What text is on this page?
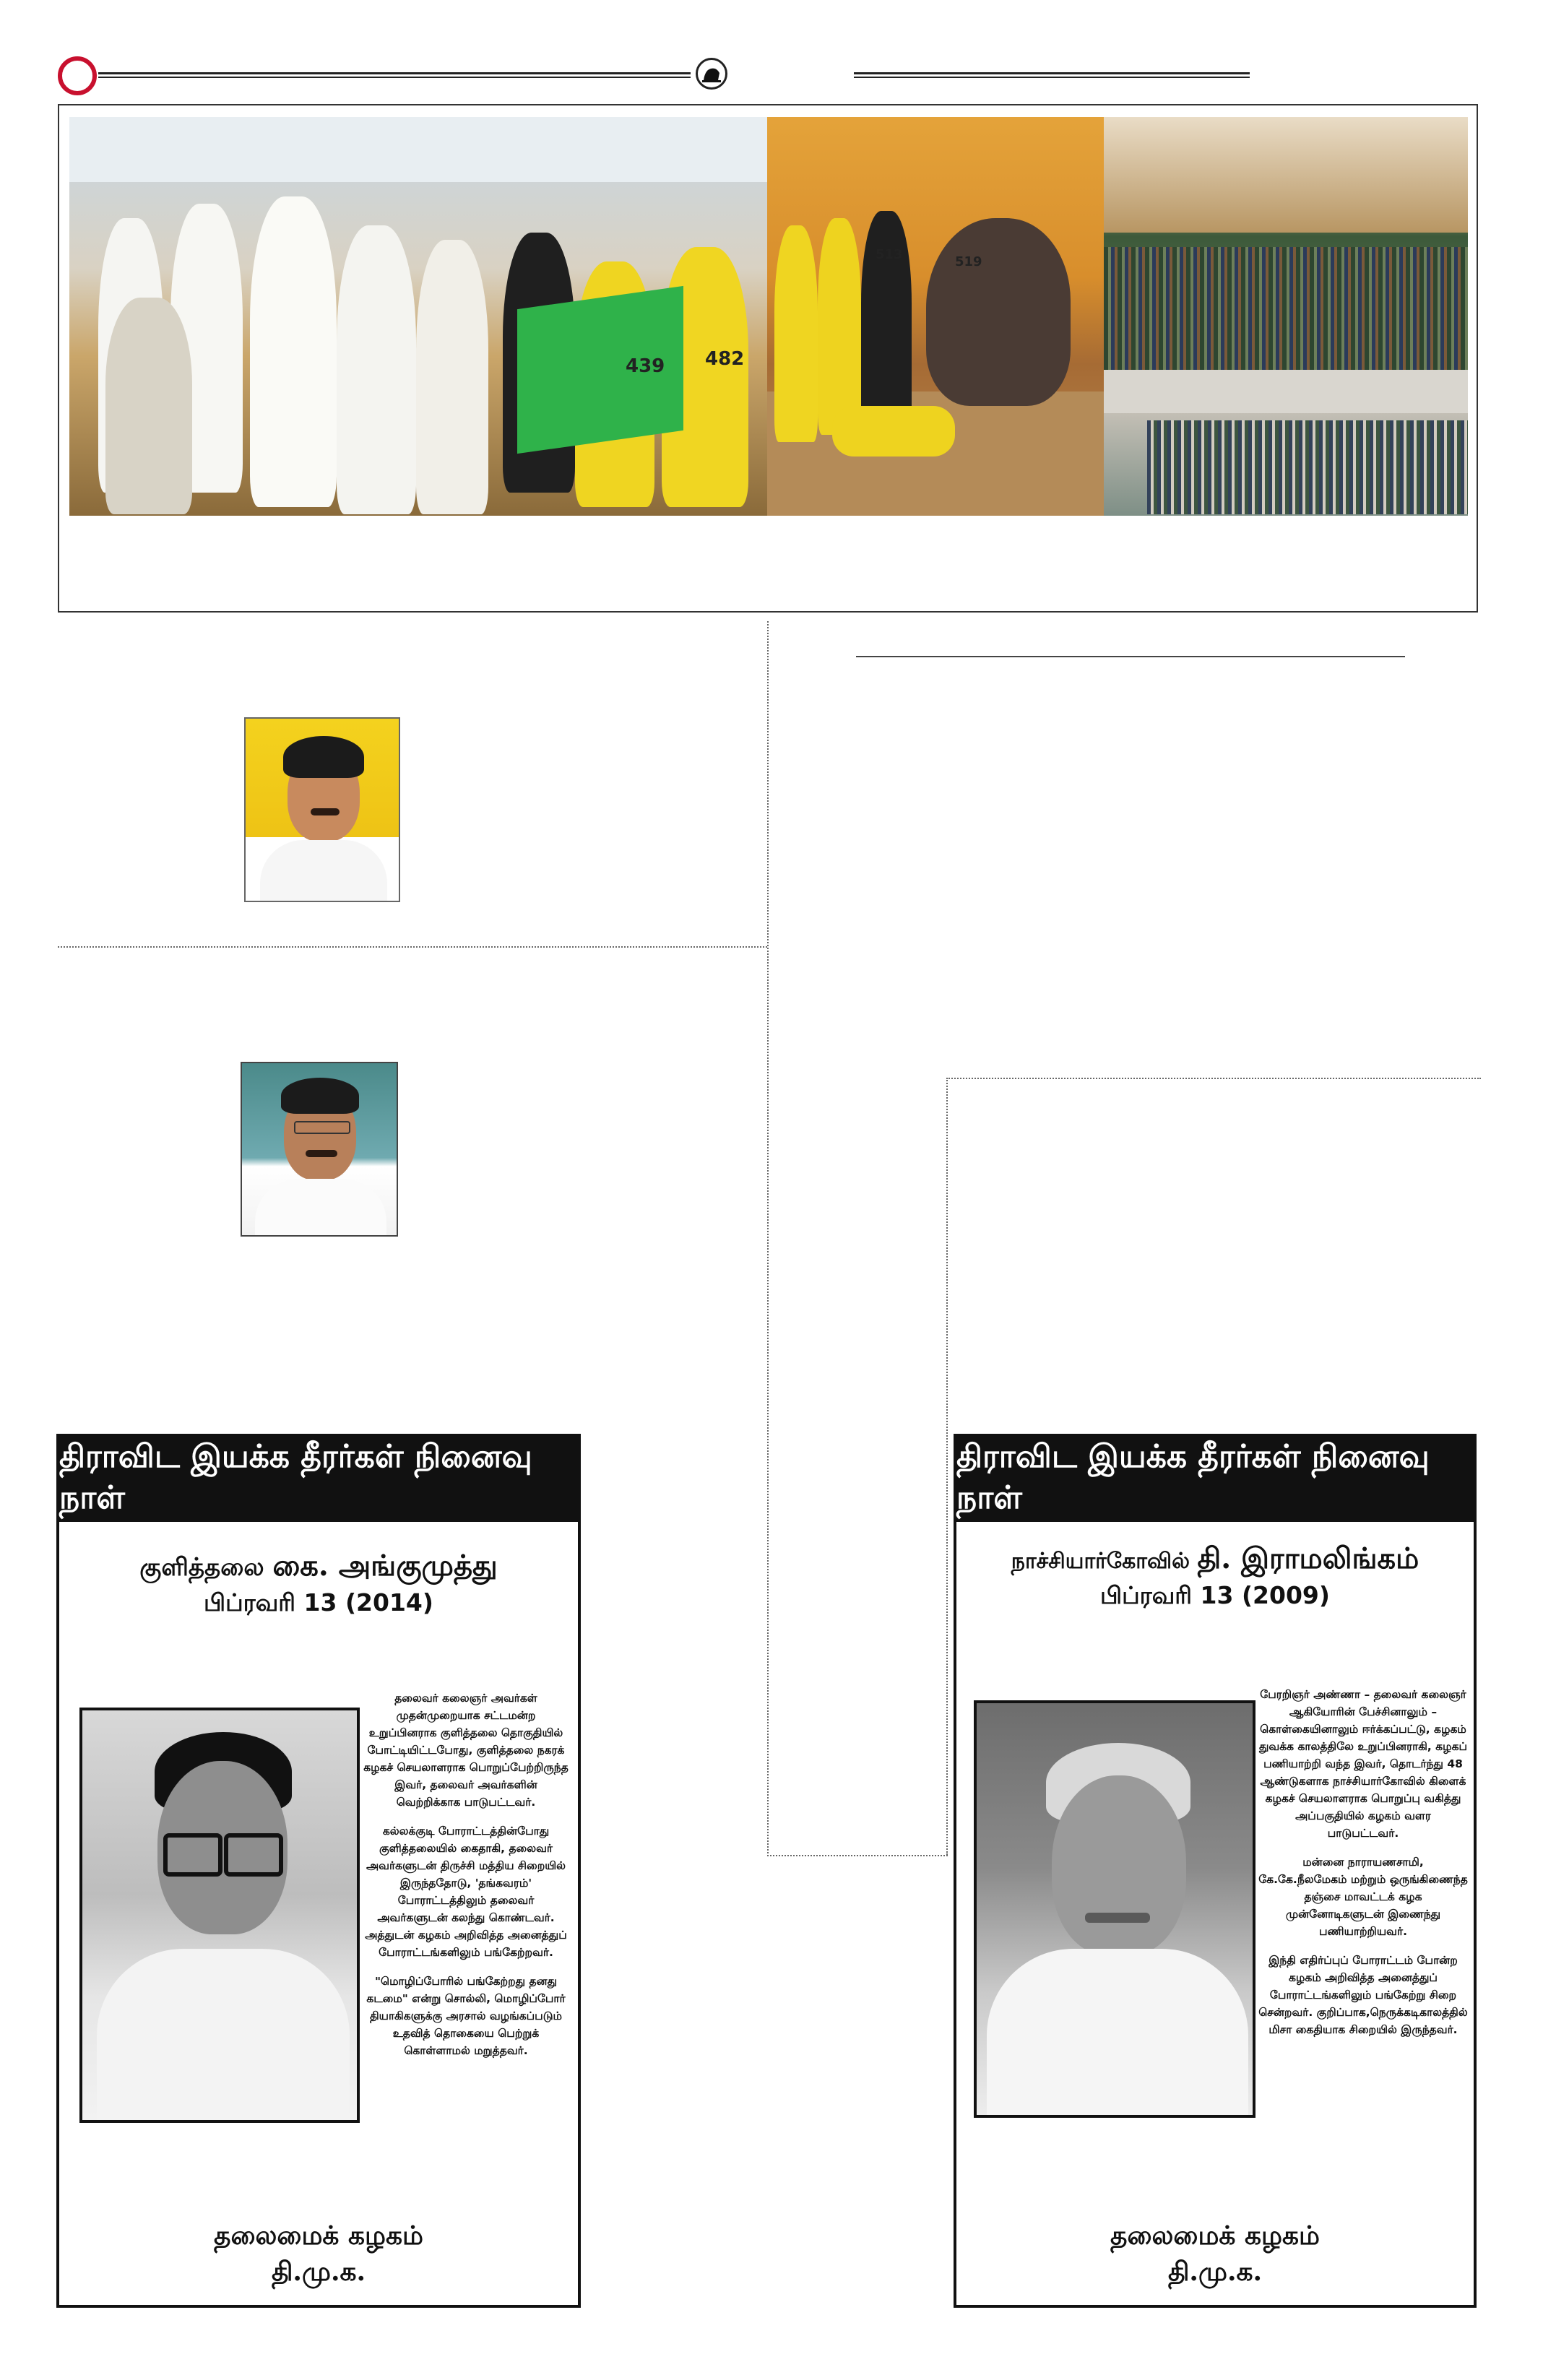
439 482
513	519
திராவிட இயக்க தீரர்கள் நினைவு நாள்
குளித்தலை கை. அங்குமுத்து
பிப்ரவரி 13 (2014)

தலைவர் கலைஞர் அவர்கள் முதன்முறையாக சட்டமன்ற உறுப்பினராக குளித்தலை தொகுதியில் போட்டியிட்டபோது, குளித்தலை நகரக் கழகச் செயலாளராக பொறுப்பேற்றிருந்த இவர், தலைவர் அவர்களின் வெற்றிக்காக பாடுபட்டவர்.

கல்லக்குடி போராட்டத்தின்போது குளித்தலையில் கைதாகி, தலைவர் அவர்களுடன் திருச்சி மத்திய சிறையில் இருந்ததோடு, 'தங்கவரம்' போராட்டத்திலும் தலைவர் அவர்களுடன் கலந்து கொண்டவர். அத்துடன் கழகம் அறிவித்த அனைத்துப் போராட்டங்களிலும் பங்கேற்றவர்.

"மொழிப்போரில் பங்கேற்றது தனது கடமை" என்று சொல்லி, மொழிப்போர் தியாகிகளுக்கு அரசால் வழங்கப்படும் உதவித் தொகையை பெற்றுக் கொள்ளாமல் மறுத்தவர்.

தலைமைக் கழகம்
தி.மு.க.
திராவிட இயக்க தீரர்கள் நினைவு நாள்
நாச்சியார்கோவில் தி. இராமலிங்கம்
பிப்ரவரி 13 (2009)

பேரறிஞர் அண்ணா – தலைவர் கலைஞர் ஆகியோரின் பேச்சினாலும் – கொள்கையினாலும் ஈர்க்கப்பட்டு, கழகம் துவக்க காலத்திலே உறுப்பினராகி, கழகப் பணியாற்றி வந்த இவர், தொடர்ந்து 48 ஆண்டுகளாக நாச்சியார்கோவில் கிளைக் கழகச் செயலாளராக பொறுப்பு வகித்து அப்பகுதியில் கழகம் வளர பாடுபட்டவர்.

மன்னை நாராயணசாமி, கே.கே.நீலமேகம் மற்றும் ஒருங்கிணைந்த தஞ்சை மாவட்டக் கழக முன்னோடிகளுடன் இணைந்து பணியாற்றியவர்.

இந்தி எதிர்ப்புப் போராட்டம் போன்ற கழகம் அறிவித்த அனைத்துப் போராட்டங்களிலும் பங்கேற்று சிறை சென்றவர். குறிப்பாக,நெருக்கடிகாலத்தில் மிசா கைதியாக சிறையில் இருந்தவர்.

தலைமைக் கழகம்
தி.மு.க.
